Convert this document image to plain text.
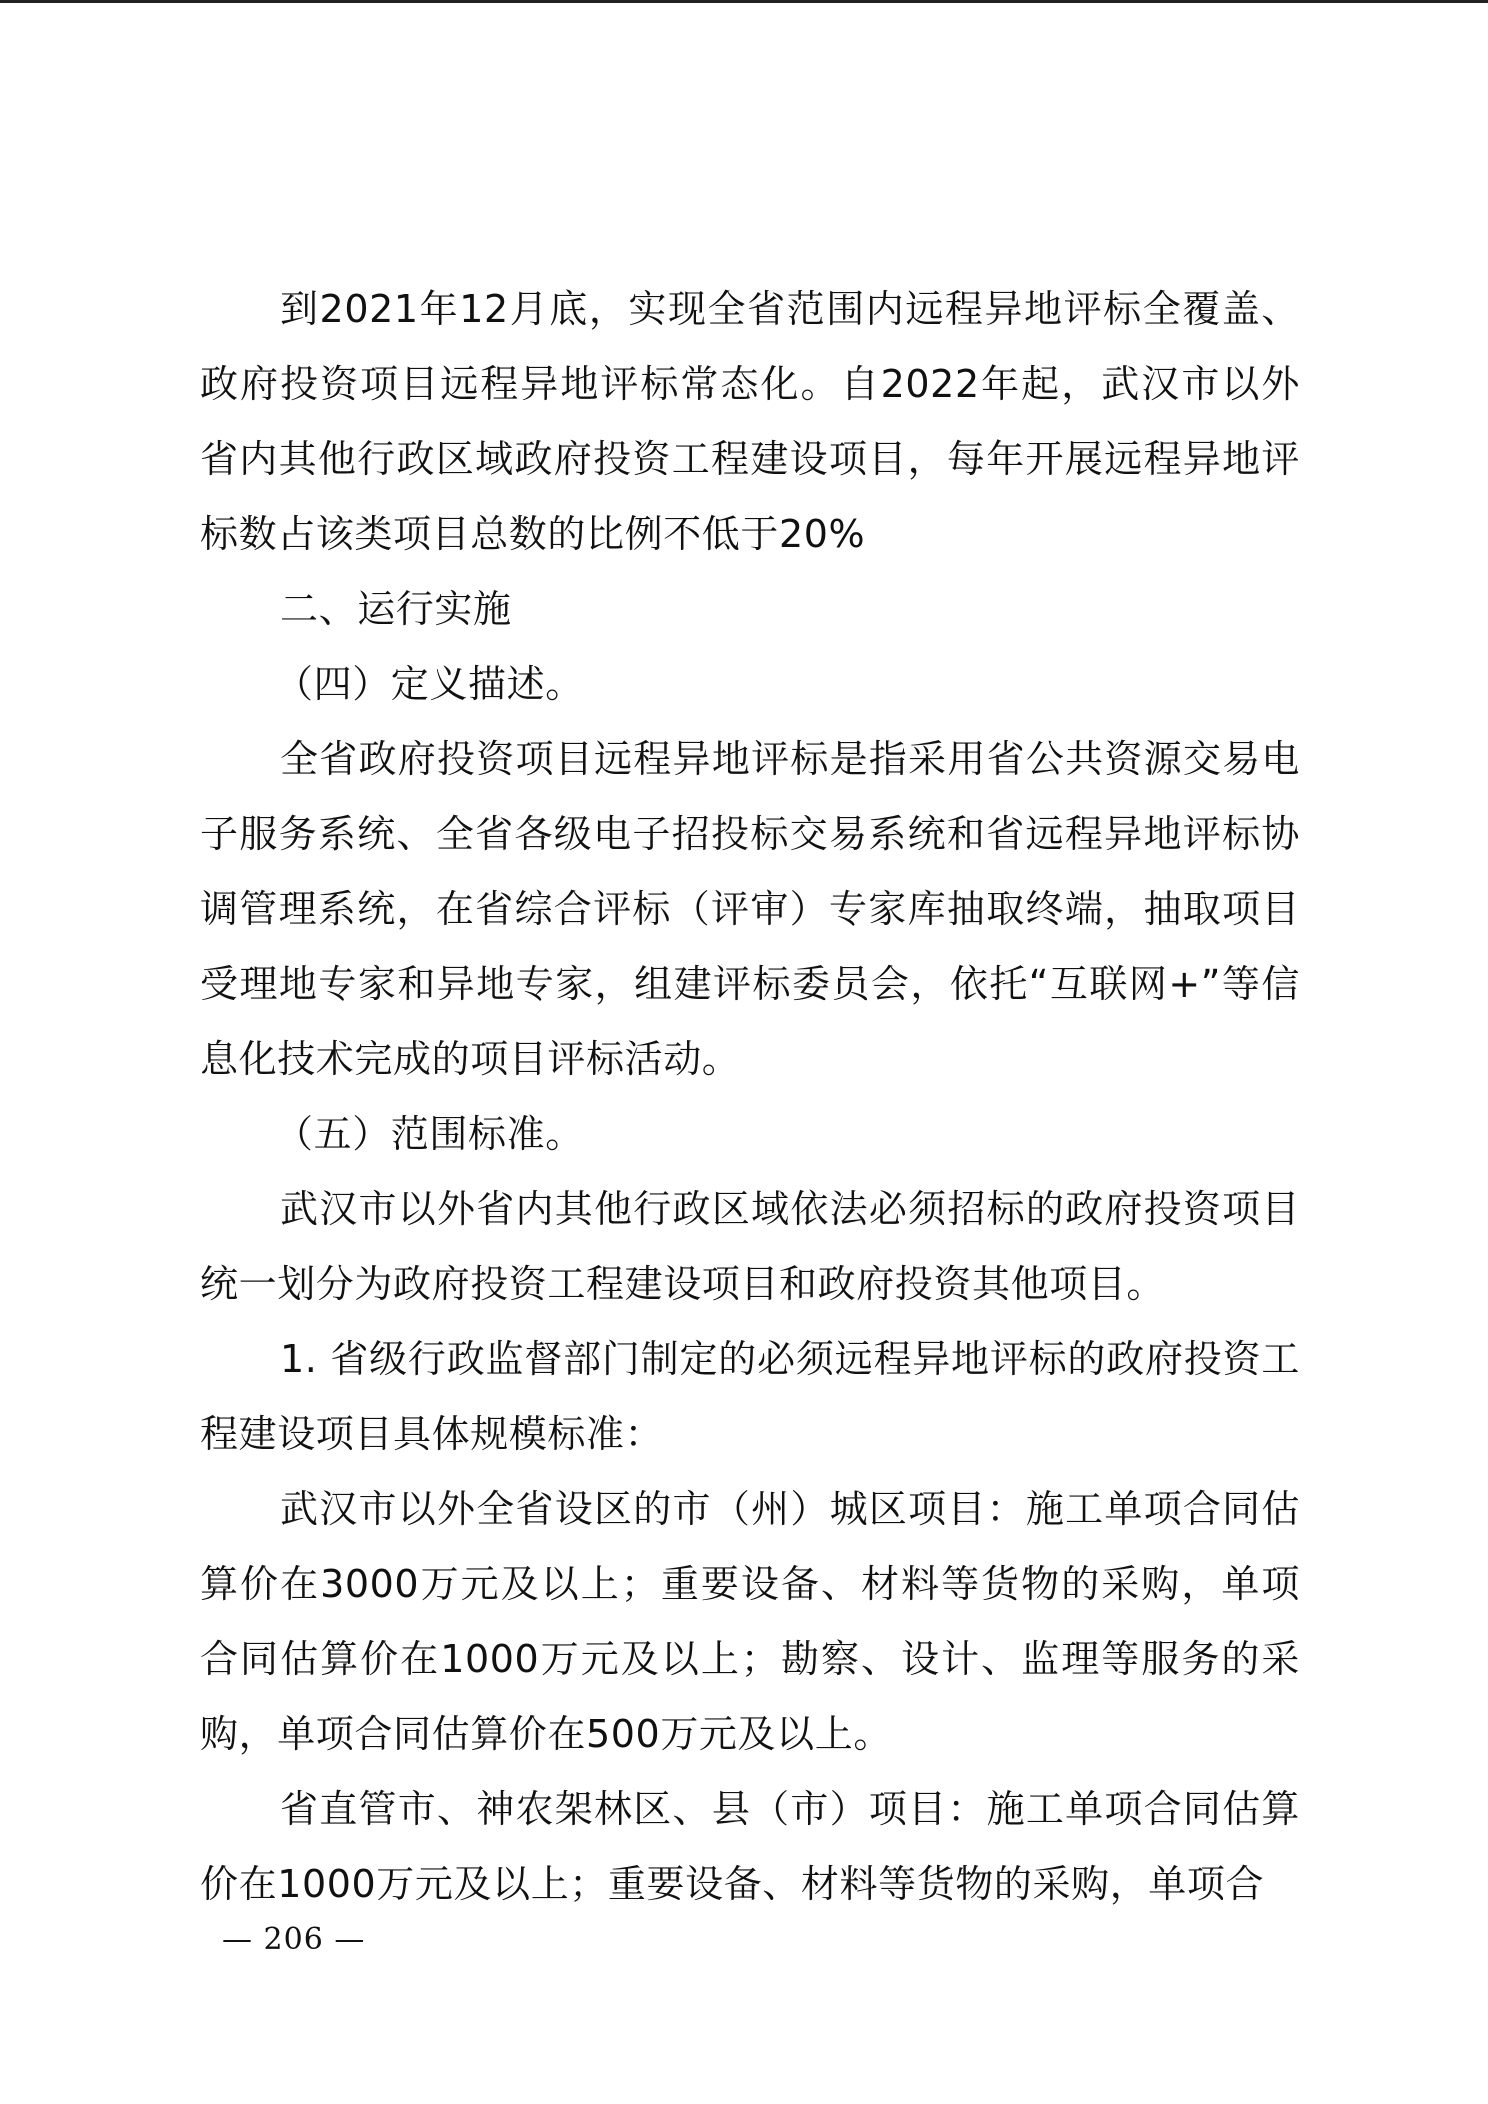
到2021年12月底，实现全省范围内远程异地评标全覆盖、政府投资项目远程异地评标常态化。自2022年起，武汉市以外省内其他行政区域政府投资工程建设项目，每年开展远程异地评标数占该类项目总数的比例不低于20%

二、运行实施

（四）定义描述。

全省政府投资项目远程异地评标是指采用省公共资源交易电子服务系统、全省各级电子招投标交易系统和省远程异地评标协调管理系统，在省综合评标（评审）专家库抽取终端，抽取项目受理地专家和异地专家，组建评标委员会，依托“互联网+”等信息化技术完成的项目评标活动。

（五）范围标准。

武汉市以外省内其他行政区域依法必须招标的政府投资项目统一划分为政府投资工程建设项目和政府投资其他项目。

1. 省级行政监督部门制定的必须远程异地评标的政府投资工程建设项目具体规模标准：

武汉市以外全省设区的市（州）城区项目：施工单项合同估算价在3000万元及以上；重要设备、材料等货物的采购，单项合同估算价在1000万元及以上；勘察、设计、监理等服务的采购，单项合同估算价在500万元及以上。

省直管市、神农架林区、县（市）项目：施工单项合同估算价在1000万元及以上；重要设备、材料等货物的采购，单项合

— 206 —
